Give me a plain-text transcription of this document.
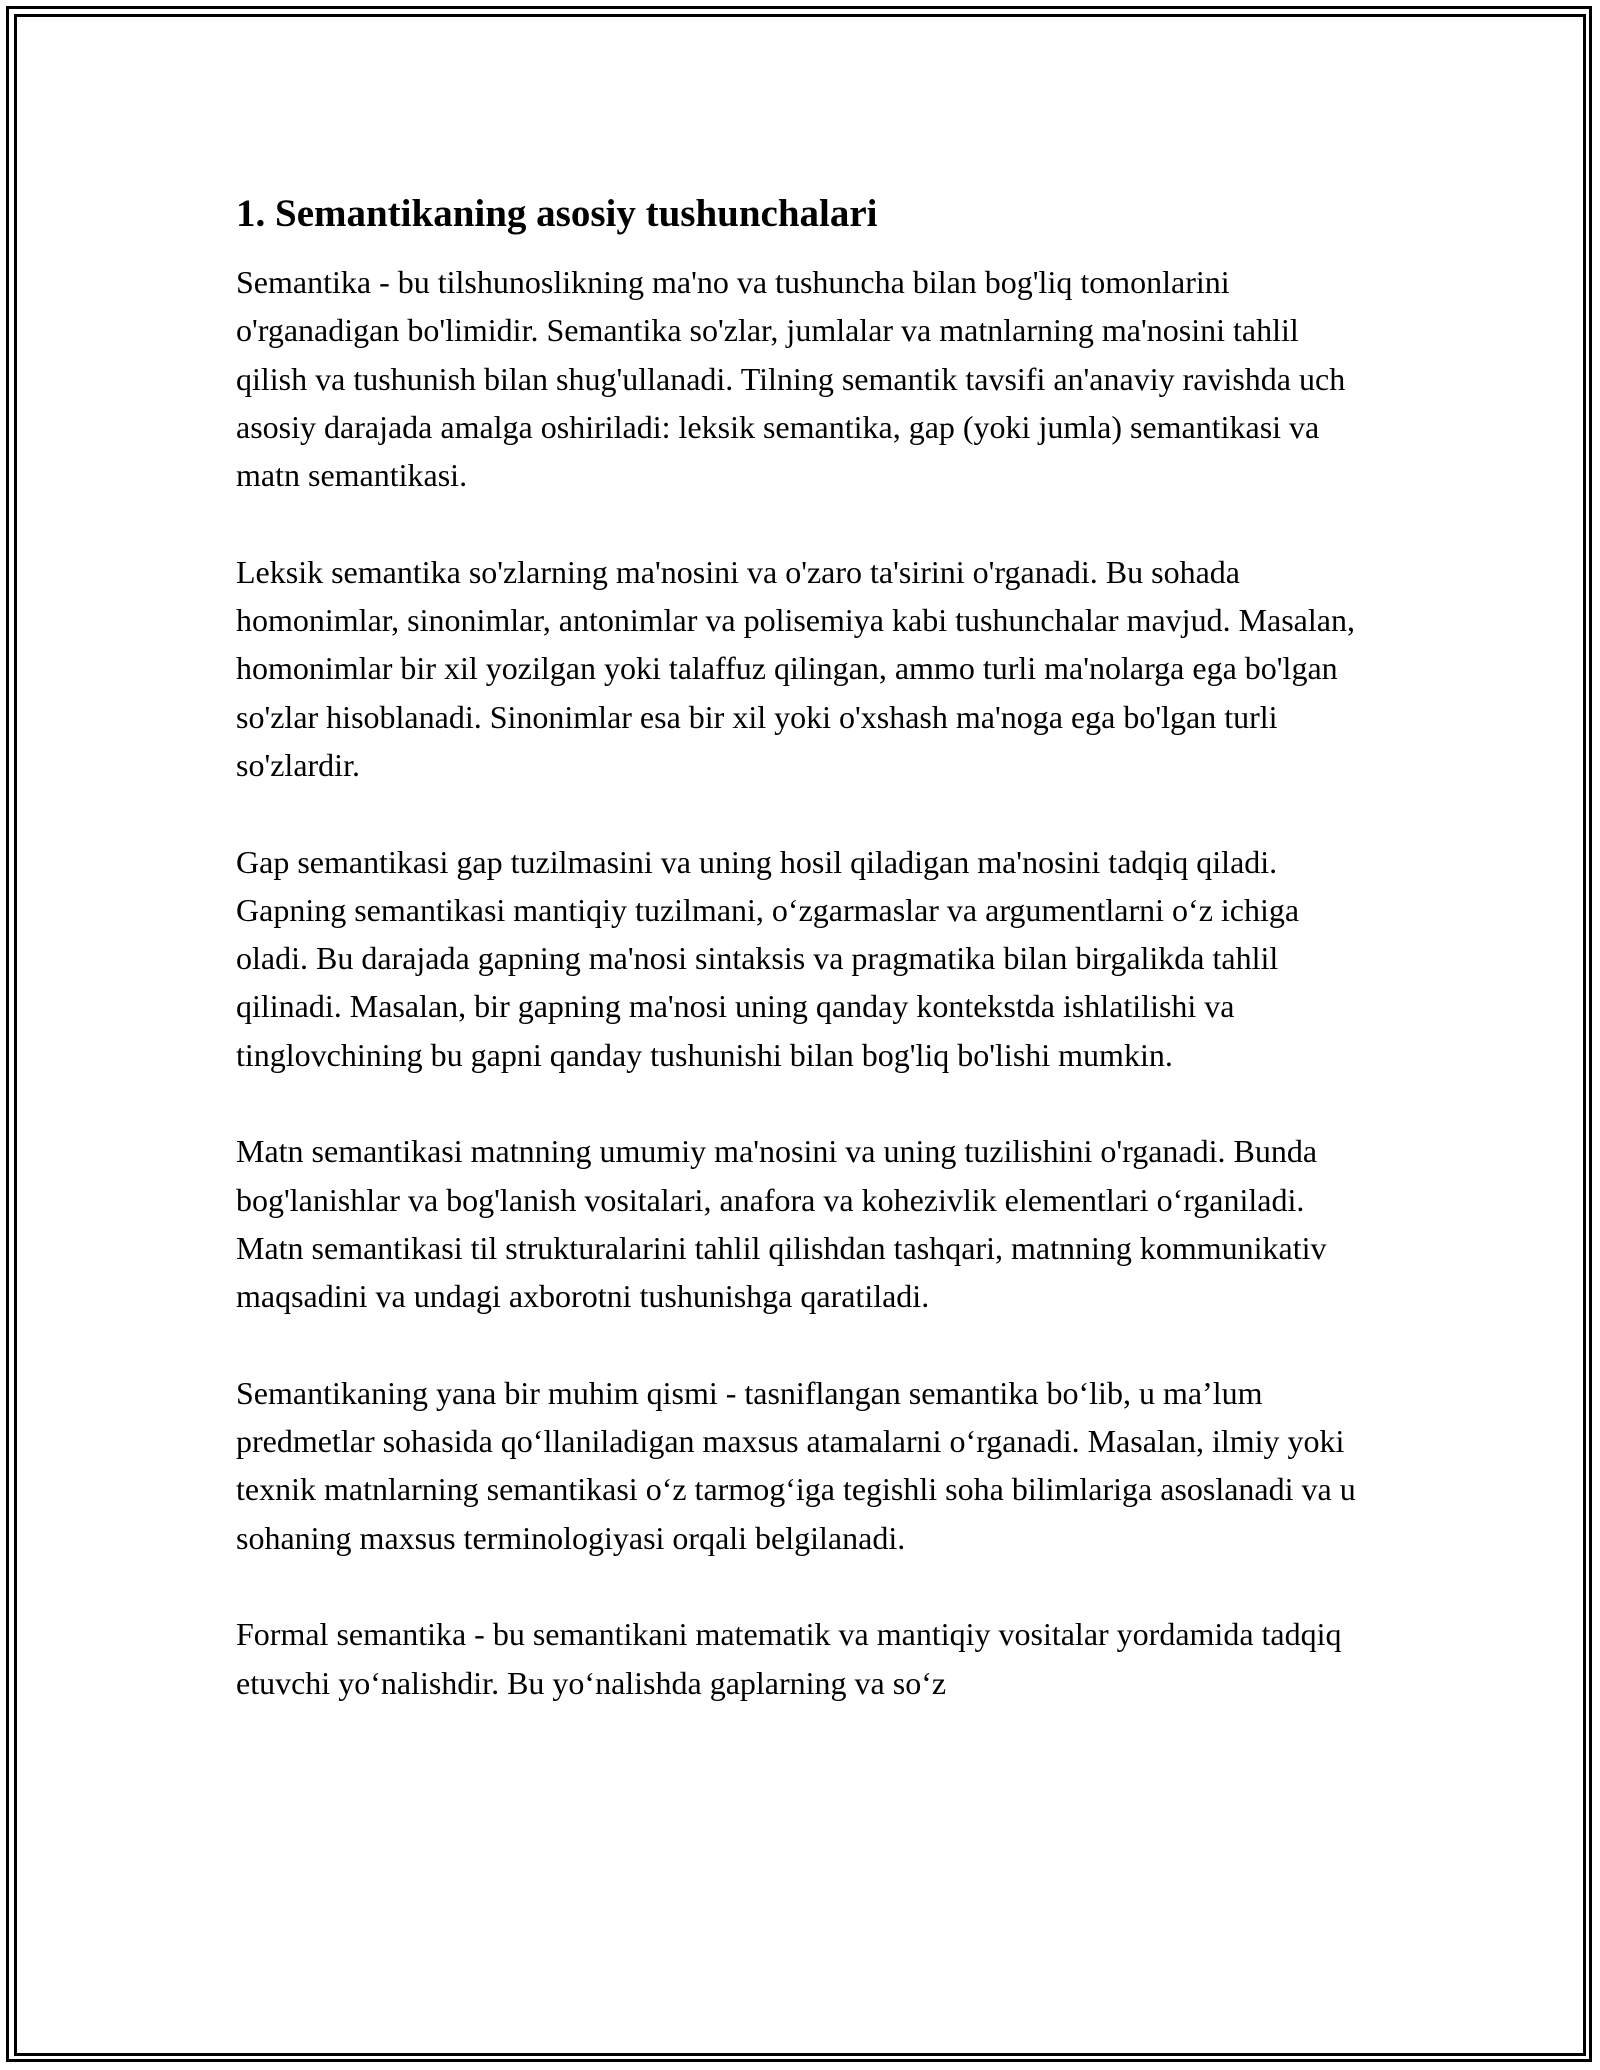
1. Semantikaning asosiy tushunchalari

Semantika - bu tilshunoslikning ma'no va tushuncha bilan bog'liq tomonlarini o'rganadigan bo'limidir. Semantika so'zlar, jumlalar va matnlarning ma'nosini tahlil qilish va tushunish bilan shug'ullanadi. Tilning semantik tavsifi an'anaviy ravishda uch asosiy darajada amalga oshiriladi: leksik semantika, gap (yoki jumla) semantikasi va matn semantikasi.

Leksik semantika so'zlarning ma'nosini va o'zaro ta'sirini o'rganadi. Bu sohada homonimlar, sinonimlar, antonimlar va polisemiya kabi tushunchalar mavjud. Masalan, homonimlar bir xil yozilgan yoki talaffuz qilingan, ammo turli ma'nolarga ega bo'lgan so'zlar hisoblanadi. Sinonimlar esa bir xil yoki o'xshash ma'noga ega bo'lgan turli so'zlardir.

Gap semantikasi gap tuzilmasini va uning hosil qiladigan ma'nosini tadqiq qiladi. Gapning semantikasi mantiqiy tuzilmani, o‘zgarmaslar va argumentlarni o‘z ichiga oladi. Bu darajada gapning ma'nosi sintaksis va pragmatika bilan birgalikda tahlil qilinadi. Masalan, bir gapning ma'nosi uning qanday kontekstda ishlatilishi va tinglovchining bu gapni qanday tushunishi bilan bog'liq bo'lishi mumkin.

Matn semantikasi matnning umumiy ma'nosini va uning tuzilishini o'rganadi. Bunda bog'lanishlar va bog'lanish vositalari, anafora va kohezivlik elementlari o‘rganiladi. Matn semantikasi til strukturalarini tahlil qilishdan tashqari, matnning kommunikativ maqsadini va undagi axborotni tushunishga qaratiladi.

Semantikaning yana bir muhim qismi - tasniflangan semantika bo‘lib, u ma’lum predmetlar sohasida qo‘llaniladigan maxsus atamalarni o‘rganadi. Masalan, ilmiy yoki texnik matnlarning semantikasi o‘z tarmog‘iga tegishli soha bilimlariga asoslanadi va u sohaning maxsus terminologiyasi orqali belgilanadi.

Formal semantika - bu semantikani matematik va mantiqiy vositalar yordamida tadqiq etuvchi yo‘nalishdir. Bu yo‘nalishda gaplarning va so‘z
